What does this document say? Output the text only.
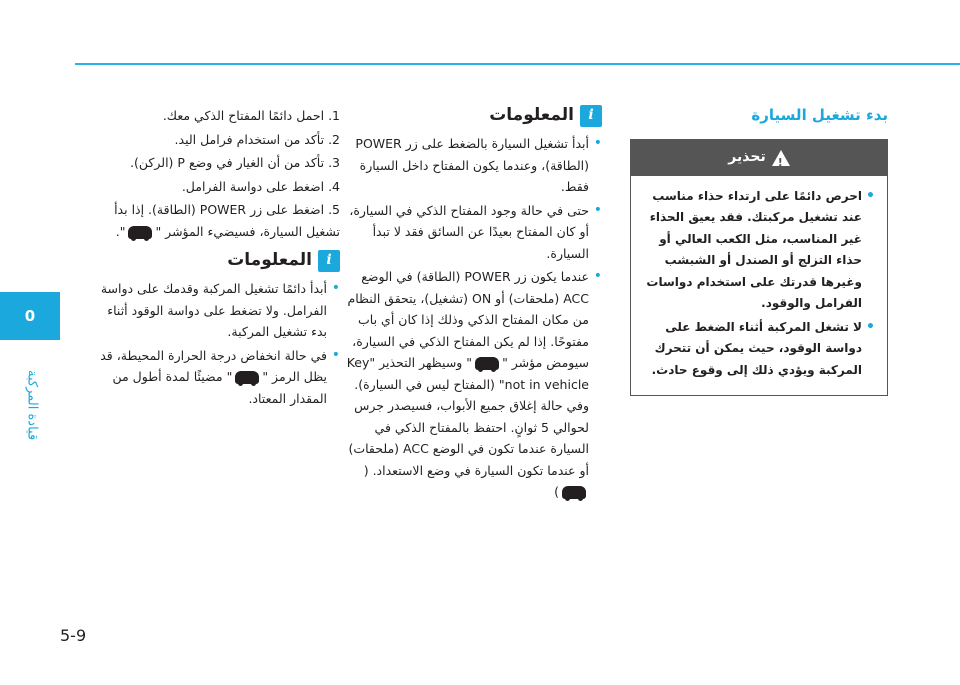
0
قيادة المركبة
5-9
بدء تشغيل السيارة
!
تحذير
• احرص دائمًا على ارتداء حذاء مناسب عند تشغيل مركبتك. فقد يعيق الحذاء غير المناسب، مثل الكعب العالي أو حذاء التزلج أو الصندل أو الشبشب وغيرها قدرتك على استخدام دواسات الفرامل والوقود.
• لا تشغل المركبة أثناء الضغط على دواسة الوقود، حيث يمكن أن تتحرك المركبة ويؤدي ذلك إلى وقوع حادث.
i
المعلومات
• أبدأ تشغيل السيارة بالضغط على زر POWER (الطاقة)، وعندما يكون المفتاح داخل السيارة فقط.
• حتى في حالة وجود المفتاح الذكي في السيارة، أو كان المفتاح بعيدًا عن السائق فقد لا تبدأ السيارة.
• عندما يكون زر POWER (الطاقة) في الوضع ACC (ملحقات) أو ON (تشغيل)، يتحقق النظام من مكان المفتاح الذكي وذلك إذا كان أي باب مفتوحًا. إذا لم يكن المفتاح الذكي في السيارة، سيومض مؤشر "" وسيظهر التحذير "Key not in vehicle" (المفتاح ليس في السيارة). وفي حالة إغلاق جميع الأبواب، فسيصدر جرس لحوالي 5 ثوانٍ. احتفظ بالمفتاح الذكي في السيارة عندما تكون في الوضع ACC (ملحقات) أو عندما تكون السيارة في وضع الاستعداد. ()
1. احمل دائمًا المفتاح الذكي معك.
2. تأكد من استخدام فرامل اليد.
3. تأكد من أن الغيار في وضع P (الركن).
4. اضغط على دواسة الفرامل.
5. اضغط على زر POWER (الطاقة). إذا بدأ تشغيل السيارة، فسيضيء المؤشر "".
i
المعلومات
• أبدأ دائمًا تشغيل المركبة وقدمك على دواسة الفرامل. ولا تضغط على دواسة الوقود أثناء بدء تشغيل المركبة.
• في حالة انخفاض درجة الحرارة المحيطة، قد يظل الرمز "" مضيئًا لمدة أطول من المقدار المعتاد.
